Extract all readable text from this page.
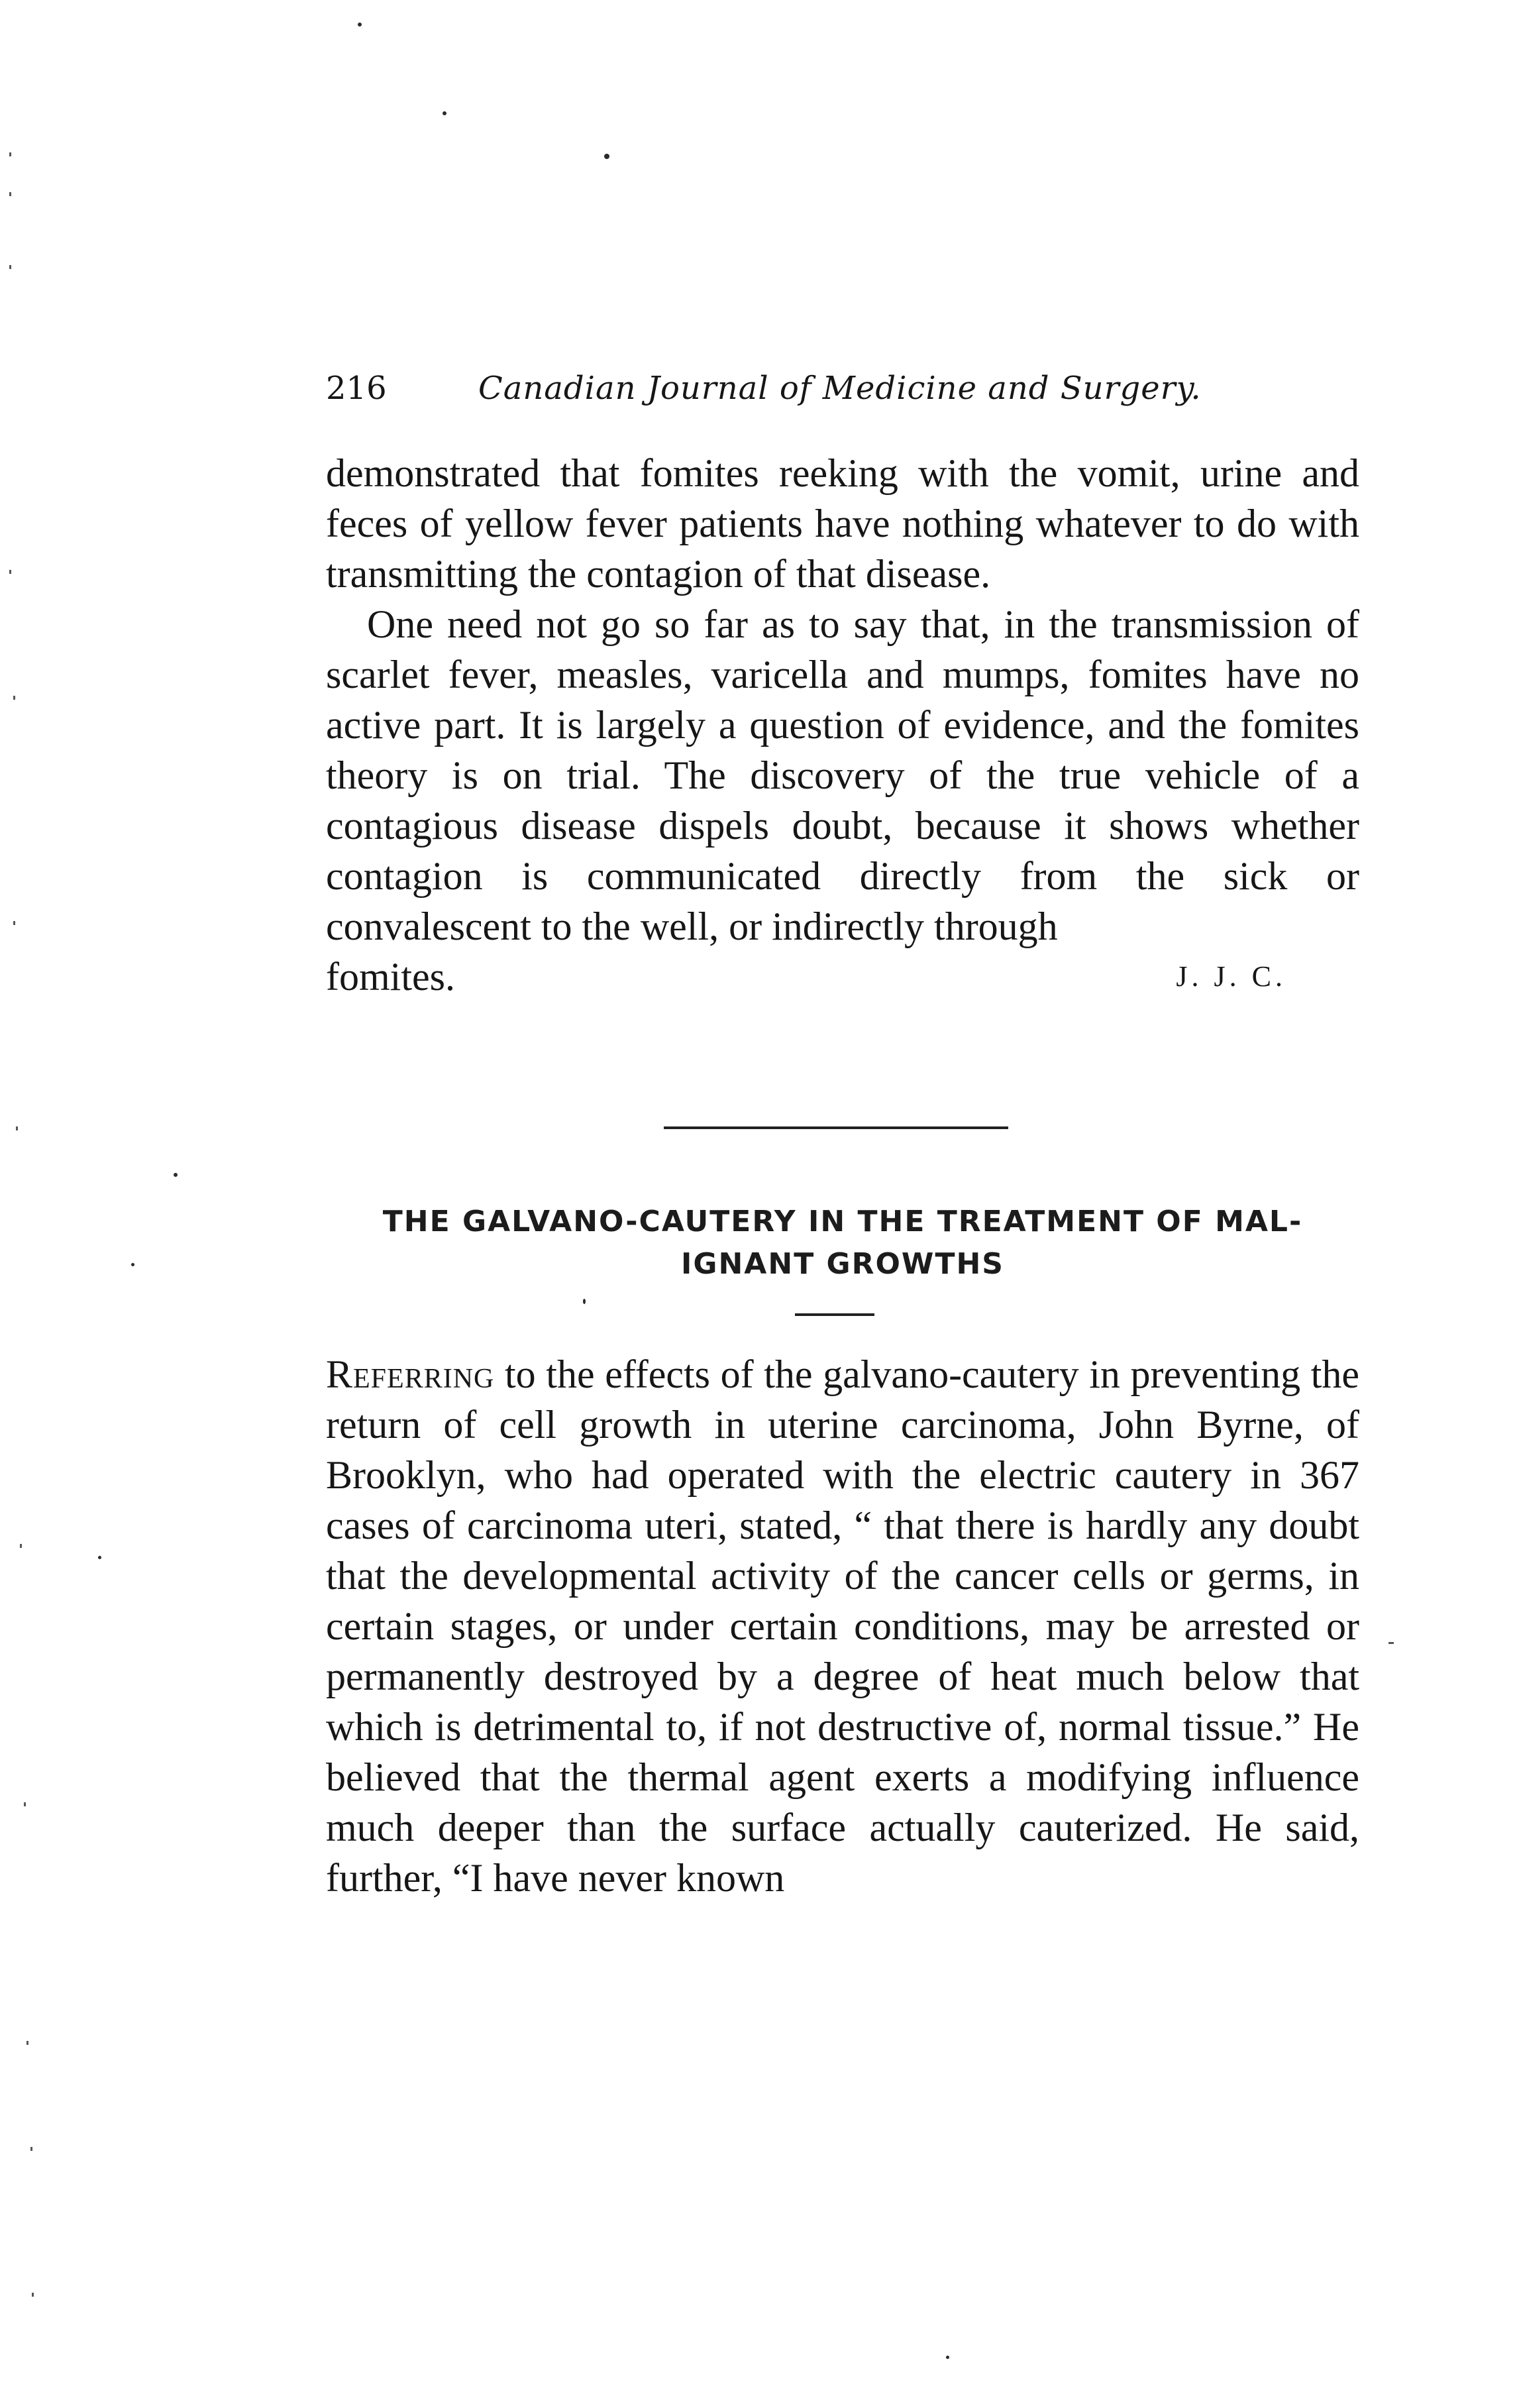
216	Canadian Journal of Medicine and Surgery.

demonstrated that fomites reeking with the vomit, urine and feces of yellow fever patients have nothing whatever to do with transmitting the contagion of that disease.

One need not go so far as to say that, in the transmission of scarlet fever, measles, varicella and mumps, fomites have no active part. It is largely a question of evidence, and the fomites theory is on trial. The discovery of the true vehicle of a contagious disease dispels doubt, because it shows whether contagion is communicated directly from the sick or convalescent to the well, or indirectly through

fomites.	J. J. C.
THE GALVANO-CAUTERY IN THE TREATMENT OF MAL-
IGNANT GROWTHS

Referring to the effects of the galvano-cautery in preventing the return of cell growth in uterine carcinoma, John Byrne, of Brooklyn, who had operated with the electric cautery in 367 cases of carcinoma uteri, stated, “ that there is hardly any doubt that the developmental activity of the cancer cells or germs, in certain stages, or under certain conditions, may be arrested or permanently destroyed by a degree of heat much below that which is detrimental to, if not destructive of, normal tissue.” He believed that the thermal agent exerts a modifying influence much deeper than the surface actually cauterized. He said, further, “I have never known
